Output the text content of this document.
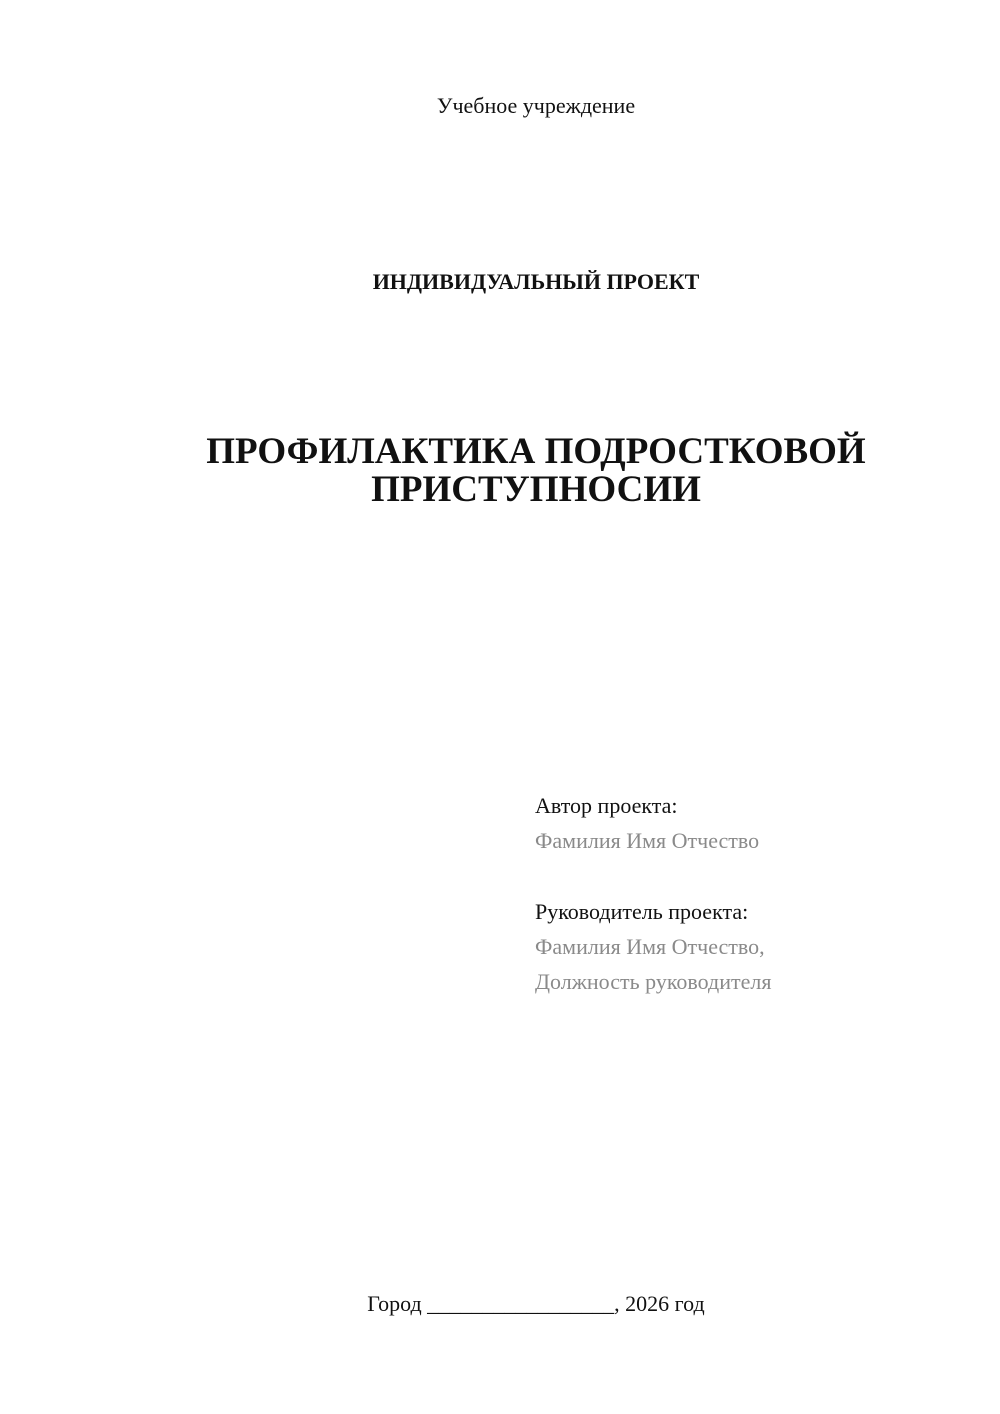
Учебное учреждение
ИНДИВИДУАЛЬНЫЙ ПРОЕКТ
ПРОФИЛАКТИКА ПОДРОСТКОВОЙ
ПРИСТУПНОСИИ
Автор проекта:
Фамилия Имя Отчество
Руководитель проекта:
Фамилия Имя Отчество,
Должность руководителя
Город _________________, 2026 год
